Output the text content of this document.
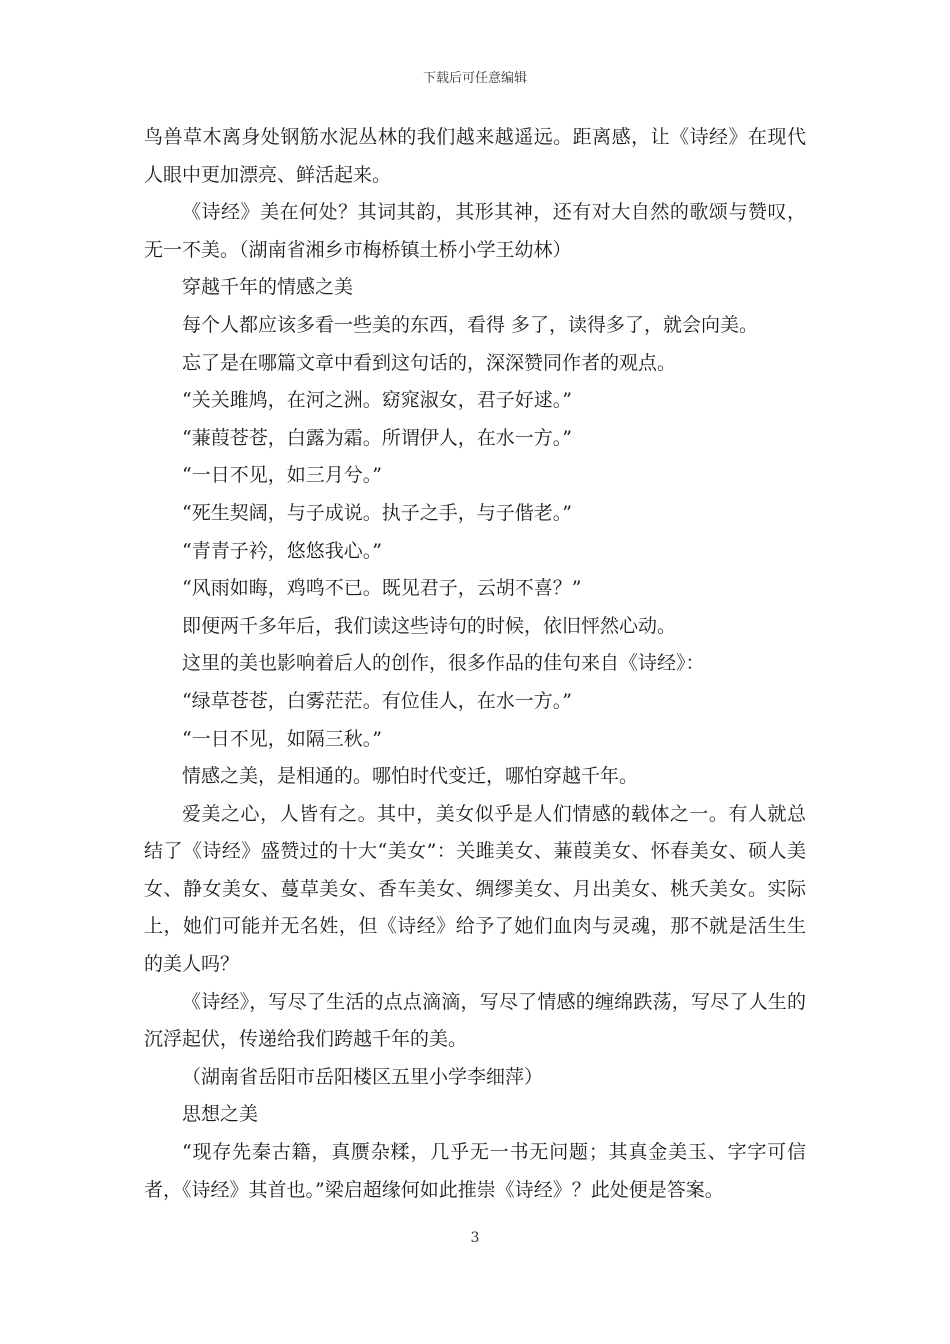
下载后可任意编辑

鸟兽草木离身处钢筋水泥丛林的我们越来越遥远。距离感，让《诗经》在现代人眼中更加漂亮、鲜活起来。

《诗经》美在何处？其词其韵，其形其神，还有对大自然的歌颂与赞叹，无一不美。（湖南省湘乡市梅桥镇土桥小学王幼林）

穿越千年的情感之美

每个人都应该多看一些美的东西，看得 多了，读得多了，就会向美。

忘了是在哪篇文章中看到这句话的，深深赞同作者的观点。

“关关雎鸠，在河之洲。窈窕淑女，君子好逑。”

“蒹葭苍苍，白露为霜。所谓伊人，在水一方。”

“一日不见，如三月兮。”

“死生契阔，与子成说。执子之手，与子偕老。”

“青青子衿，悠悠我心。”

“风雨如晦，鸡鸣不已。既见君子，云胡不喜？”

即便两千多年后，我们读这些诗句的时候，依旧怦然心动。

这里的美也影响着后人的创作，很多作品的佳句来自《诗经》：

“绿草苍苍，白雾茫茫。有位佳人，在水一方。”

“一日不见，如隔三秋。”

情感之美，是相通的。哪怕时代变迁，哪怕穿越千年。

爱美之心，人皆有之。其中，美女似乎是人们情感的载体之一。有人就总结了《诗经》盛赞过的十大“美女”：关雎美女、蒹葭美女、怀春美女、硕人美女、静女美女、蔓草美女、香车美女、绸缪美女、月出美女、桃夭美女。实际上，她们可能并无名姓，但《诗经》给予了她们血肉与灵魂，那不就是活生生的美人吗？

《诗经》，写尽了生活的点点滴滴，写尽了情感的缠绵跌荡，写尽了人生的沉浮起伏，传递给我们跨越千年的美。

（湖南省岳阳市岳阳楼区五里小学李细萍）

思想之美

“现存先秦古籍，真赝杂糅，几乎无一书无问题；其真金美玉、字字可信者，《诗经》其首也。”梁启超缘何如此推崇《诗经》？此处便是答案。

3
